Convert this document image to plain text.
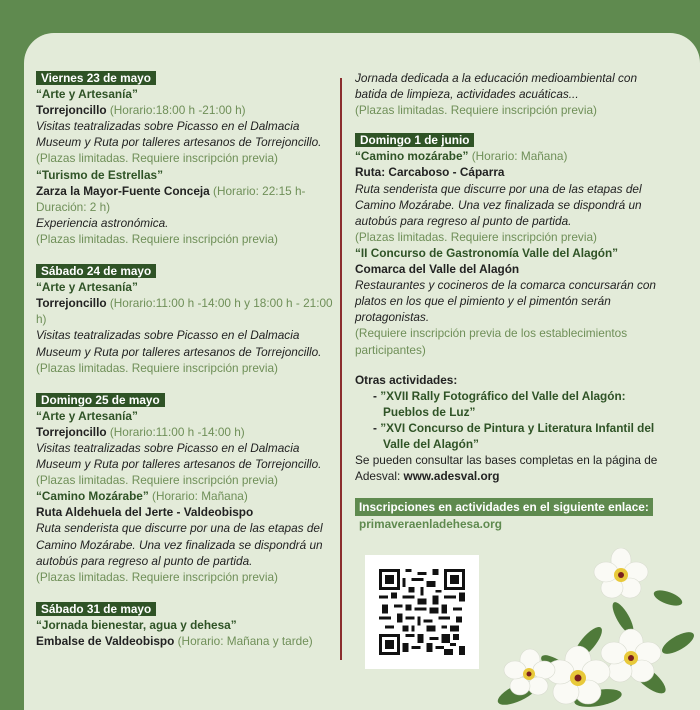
Viernes 23 de mayo
“Arte y Artesanía”
Torrejoncillo (Horario:18:00 h -21:00 h)
Visitas teatralizadas sobre Picasso en el Dalmacia Museum y Ruta por talleres artesanos de Torrejoncillo.
(Plazas limitadas. Requiere inscripción previa)
“Turismo de Estrellas”
Zarza la Mayor-Fuente Conceja (Horario: 22:15 h- Duración: 2 h)
Experiencia astronómica.
(Plazas limitadas. Requiere inscripción previa)
Sábado 24 de mayo
“Arte y Artesanía”
Torrejoncillo (Horario:11:00 h -14:00 h y 18:00 h - 21:00 h)
Visitas teatralizadas sobre Picasso en el Dalmacia Museum y Ruta por talleres artesanos de Torrejoncillo.
(Plazas limitadas. Requiere inscripción previa)
Domingo 25 de mayo
“Arte y Artesanía”
Torrejoncillo (Horario:11:00 h -14:00 h)
Visitas teatralizadas sobre Picasso en el Dalmacia Museum y Ruta por talleres artesanos de Torrejoncillo.
(Plazas limitadas. Requiere inscripción previa)
“Camino Mozárabe” (Horario: Mañana)
Ruta Aldehuela del Jerte - Valdeobispo
Ruta senderista que discurre por una de las etapas del Camino Mozárabe. Una vez finalizada se dispondrá un autobús para regreso al punto de partida.
(Plazas limitadas. Requiere inscripción previa)
Sábado 31 de mayo
“Jornada bienestar, agua y dehesa”
Embalse de Valdeobispo (Horario: Mañana y tarde)
Jornada dedicada a la educación medioambiental con batida de limpieza, actividades acuáticas...
(Plazas limitadas. Requiere inscripción previa)
Domingo 1 de junio
“Camino mozárabe” (Horario: Mañana)
Ruta: Carcaboso - Cáparra
Ruta senderista que discurre por una de las etapas del Camino Mozárabe. Una vez finalizada se dispondrá un autobús para regreso al punto de partida.
(Plazas limitadas. Requiere inscripción previa)
“II Concurso de Gastronomía Valle del Alagón”
Comarca del Valle del Alagón
Restaurantes y cocineros de la comarca concursarán con platos en los que el pimiento y el pimentón serán protagonistas.
(Requiere inscripción previa de los establecimientos participantes)
Otras actividades:
- ”XVII Rally Fotográfico del Valle del Alagón: Pueblos de Luz”
- ”XVI Concurso de Pintura y Literatura Infantil del Valle del Alagón”
Se pueden consultar las bases completas en la página de Adesval: www.adesval.org
Inscripciones en actividades en el siguiente enlace:
primaveraenladehesa.org
